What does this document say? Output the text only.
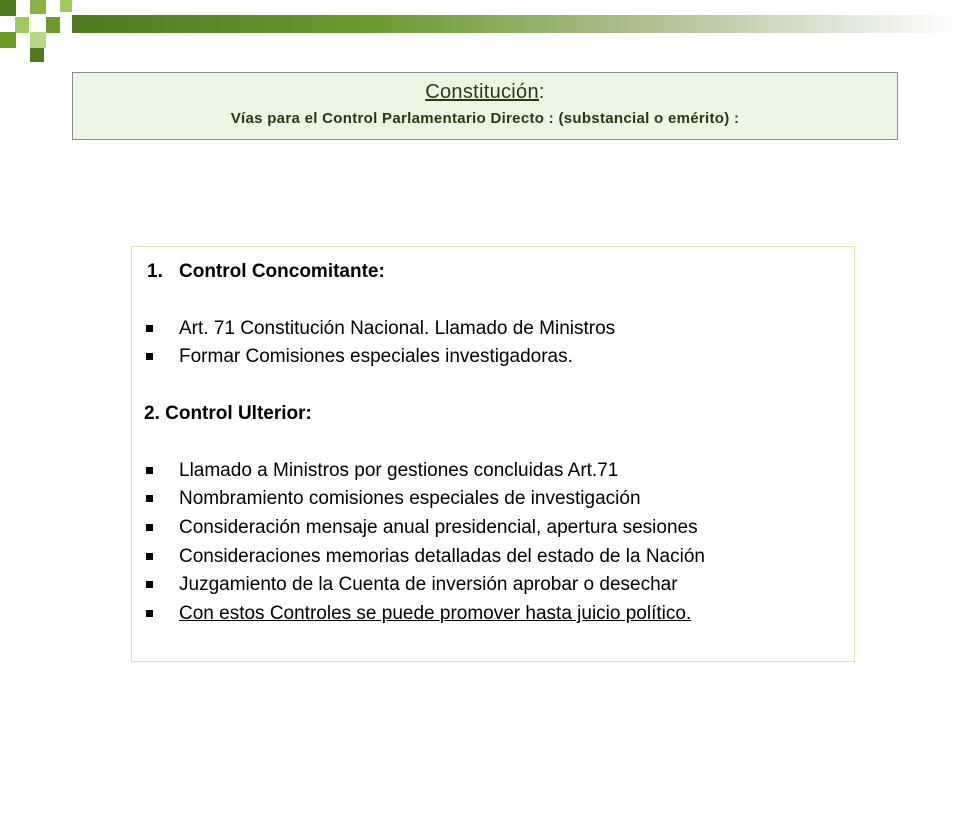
Constitución:
Vías para el Control Parlamentario Directo : (substancial o emérito) :
1. Control Concomitante:
Art. 71 Constitución Nacional. Llamado de Ministros
Formar Comisiones especiales investigadoras.
2. Control Ulterior:
Llamado a Ministros por gestiones concluidas Art.71
Nombramiento comisiones especiales de investigación
Consideración mensaje anual presidencial, apertura sesiones
Consideraciones memorias detalladas del estado de la Nación
Juzgamiento de la Cuenta de inversión aprobar o desechar
Con estos Controles se puede promover hasta juicio político.
